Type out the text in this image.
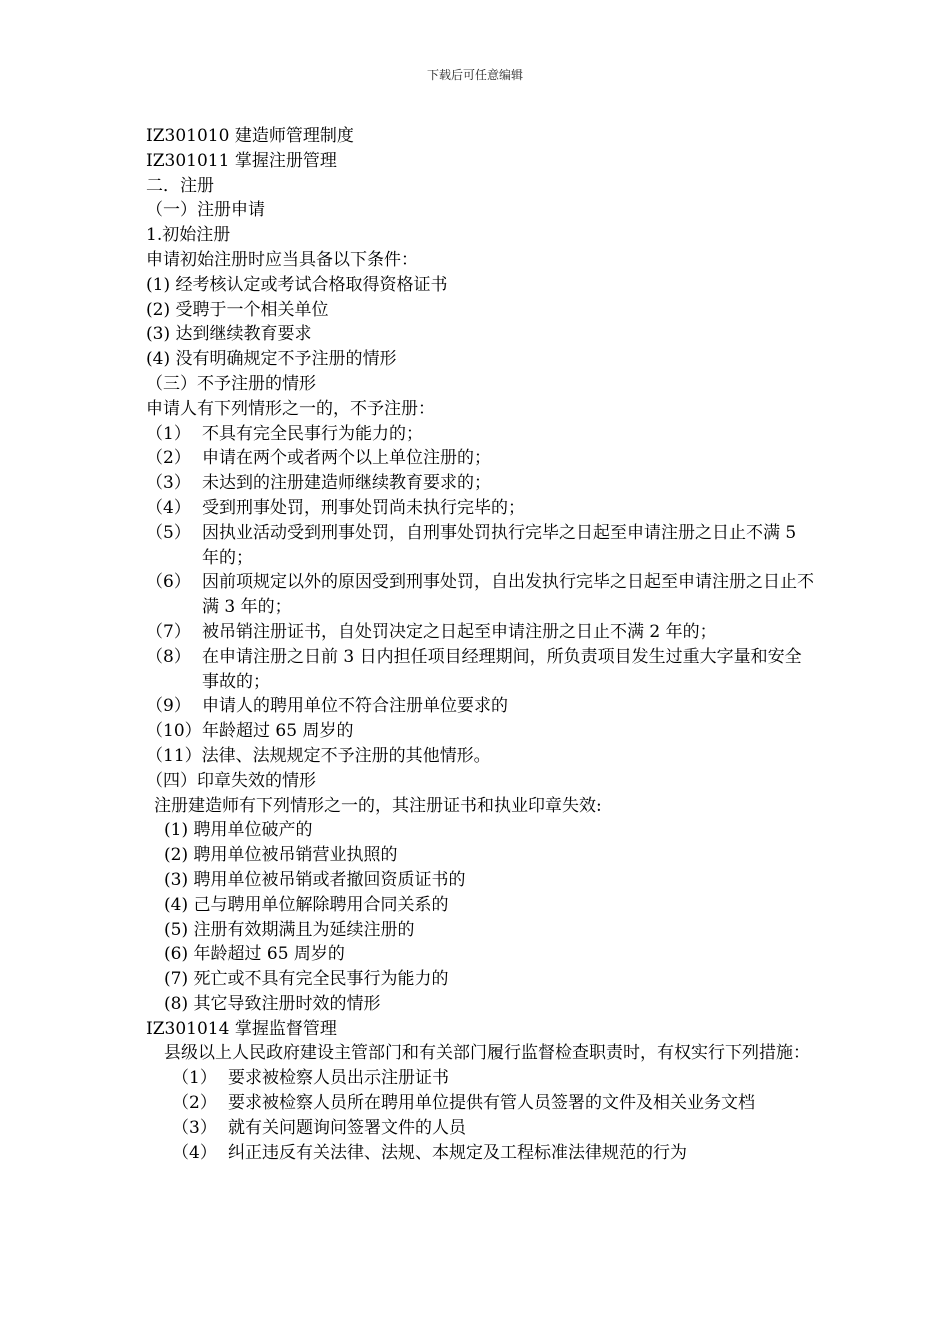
下载后可任意编辑
IZ301010 建造师管理制度
IZ301011 掌握注册管理
二．注册
（一）注册申请
1.初始注册
申请初始注册时应当具备以下条件：
(1) 经考核认定或考试合格取得资格证书
(2) 受聘于一个相关单位
(3) 达到继续教育要求
(4) 没有明确规定不予注册的情形
（三）不予注册的情形
申请人有下列情形之一的，不予注册：
（1） 不具有完全民事行为能力的；
（2） 申请在两个或者两个以上单位注册的；
（3） 未达到的注册建造师继续教育要求的；
（4） 受到刑事处罚，刑事处罚尚未执行完毕的；
（5） 因执业活动受到刑事处罚，自刑事处罚执行完毕之日起至申请注册之日止不满 5 年的；
（6） 因前项规定以外的原因受到刑事处罚，自出发执行完毕之日起至申请注册之日止不满 3 年的；
（7） 被吊销注册证书，自处罚决定之日起至申请注册之日止不满 2 年的；
（8） 在申请注册之日前 3 日内担任项目经理期间，所负责项目发生过重大字量和安全事故的；
（9） 申请人的聘用单位不符合注册单位要求的
（10） 年龄超过 65 周岁的
（11）法律、法规规定不予注册的其他情形。
（四）印章失效的情形
注册建造师有下列情形之一的，其注册证书和执业印章失效:
(1) 聘用单位破产的
(2) 聘用单位被吊销营业执照的
(3) 聘用单位被吊销或者撤回资质证书的
(4) 己与聘用单位解除聘用合同关系的
(5) 注册有效期满且为延续注册的
(6) 年龄超过 65 周岁的
(7) 死亡或不具有完全民事行为能力的
(8) 其它导致注册时效的情形
IZ301014 掌握监督管理
县级以上人民政府建设主管部门和有关部门履行监督检查职责时，有权实行下列措施：
（1） 要求被检察人员出示注册证书
（2） 要求被检察人员所在聘用单位提供有管人员签署的文件及相关业务文档
（3） 就有关问题询问签署文件的人员
（4） 纠正违反有关法律、法规、本规定及工程标准法律规范的行为
